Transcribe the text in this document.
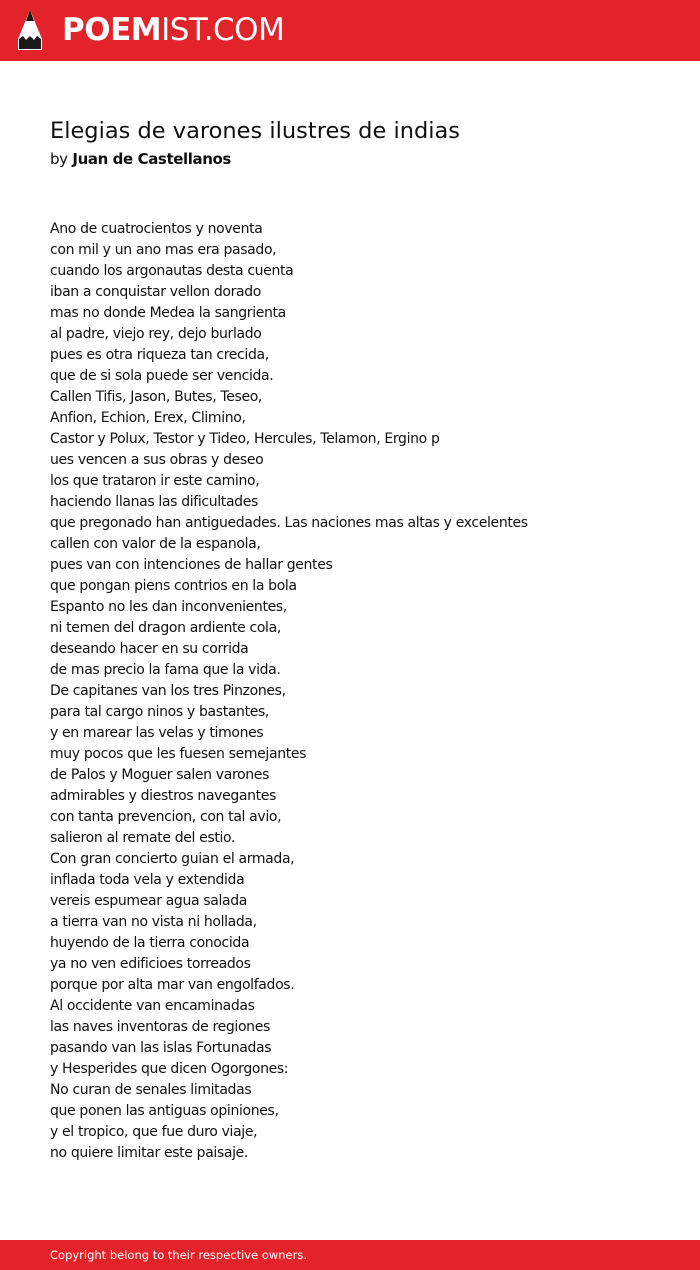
POEMIST.COM
Elegias de varones ilustres de indias
by Juan de Castellanos
Ano de cuatrocientos y noventa
con mil y un ano mas era pasado,
cuando los argonautas desta cuenta
iban a conquistar vellon dorado
mas no donde Medea la sangrienta
al padre, viejo rey, dejo burlado
pues es otra riqueza tan crecida,
que de si sola puede ser vencida.
Callen Tifis, Jason, Butes, Teseo,
Anfion, Echion, Erex, Climino,
Castor y Polux, Testor y Tideo, Hercules, Telamon, Ergino p
ues vencen a sus obras y deseo
los que trataron ir este camino,
haciendo llanas las dificultades
que pregonado han antiguedades. Las naciones mas altas y excelentes
callen con valor de la espanola,
pues van con intenciones de hallar gentes
que pongan piens contrios en la bola
Espanto no les dan inconvenientes,
ni temen del dragon ardiente cola,
deseando hacer en su corrida
de mas precio la fama que la vida.
De capitanes van los tres Pinzones,
para tal cargo ninos y bastantes,
y en marear las velas y timones
muy pocos que les fuesen semejantes
de Palos y Moguer salen varones
admirables y diestros navegantes
con tanta prevencion, con tal avio,
salieron al remate del estio.
Con gran concierto guian el armada,
inflada toda vela y extendida
vereis espumear agua salada
a tierra van no vista ni hollada,
huyendo de la tierra conocida
ya no ven edificioes torreados
porque por alta mar van engolfados.
Al occidente van encaminadas
las naves inventoras de regiones
pasando van las islas Fortunadas
y Hesperides que dicen Ogorgones:
No curan de senales limitadas
que ponen las antiguas opiniones,
y el tropico, que fue duro viaje,
no quiere limitar este paisaje.
Copyright belong to their respective owners.
